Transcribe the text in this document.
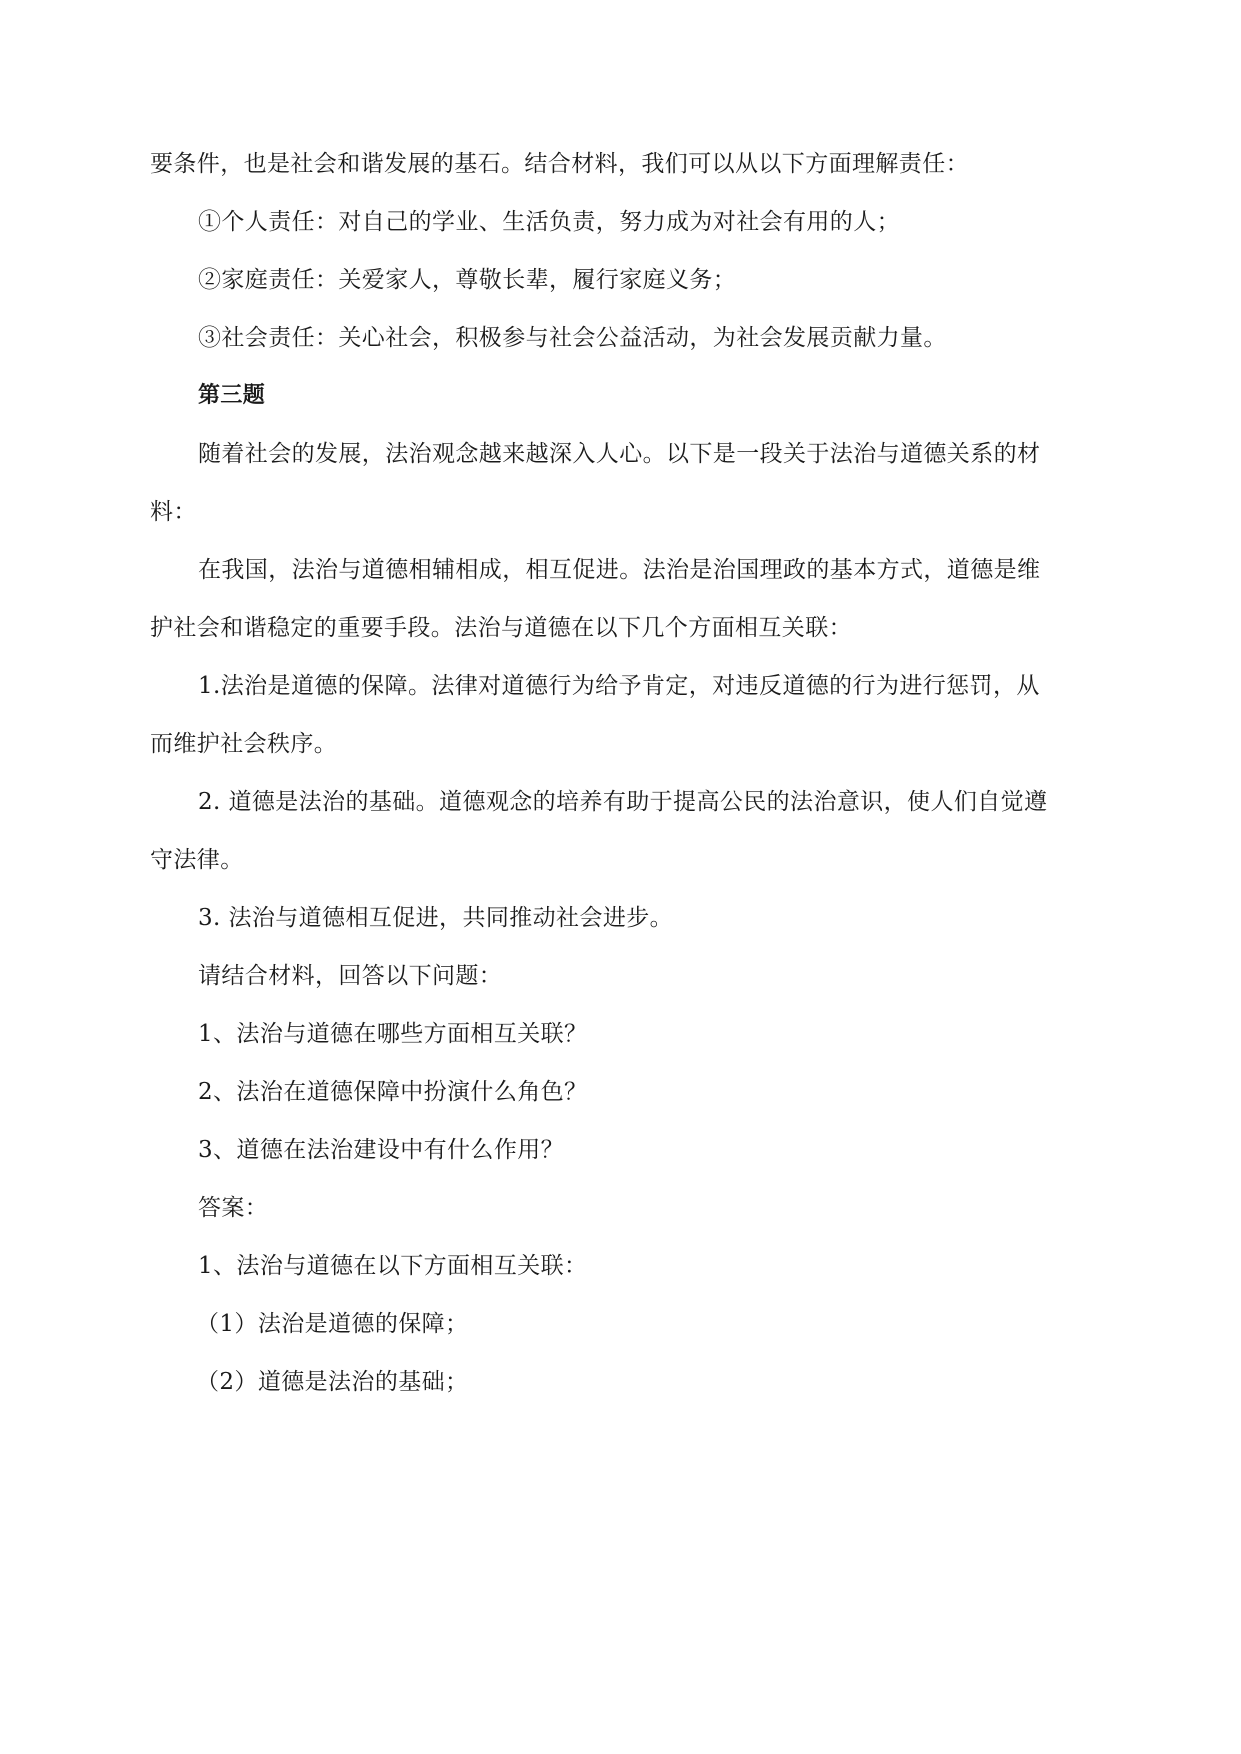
要条件，也是社会和谐发展的基石。结合材料，我们可以从以下方面理解责任：
①个人责任：对自己的学业、生活负责，努力成为对社会有用的人；
②家庭责任：关爱家人，尊敬长辈，履行家庭义务；
③社会责任：关心社会，积极参与社会公益活动，为社会发展贡献力量。
第三题
随着社会的发展，法治观念越来越深入人心。以下是一段关于法治与道德关系的材
料：
在我国，法治与道德相辅相成，相互促进。法治是治国理政的基本方式，道德是维
护社会和谐稳定的重要手段。法治与道德在以下几个方面相互关联：
1.法治是道德的保障。法律对道德行为给予肯定，对违反道德的行为进行惩罚，从
而维护社会秩序。
2. 道德是法治的基础。道德观念的培养有助于提高公民的法治意识，使人们自觉遵
守法律。
3. 法治与道德相互促进，共同推动社会进步。
请结合材料，回答以下问题：
1、法治与道德在哪些方面相互关联？
2、法治在道德保障中扮演什么角色？
3、道德在法治建设中有什么作用？
答案：
1、法治与道德在以下方面相互关联：
（1）法治是道德的保障；
（2）道德是法治的基础；
